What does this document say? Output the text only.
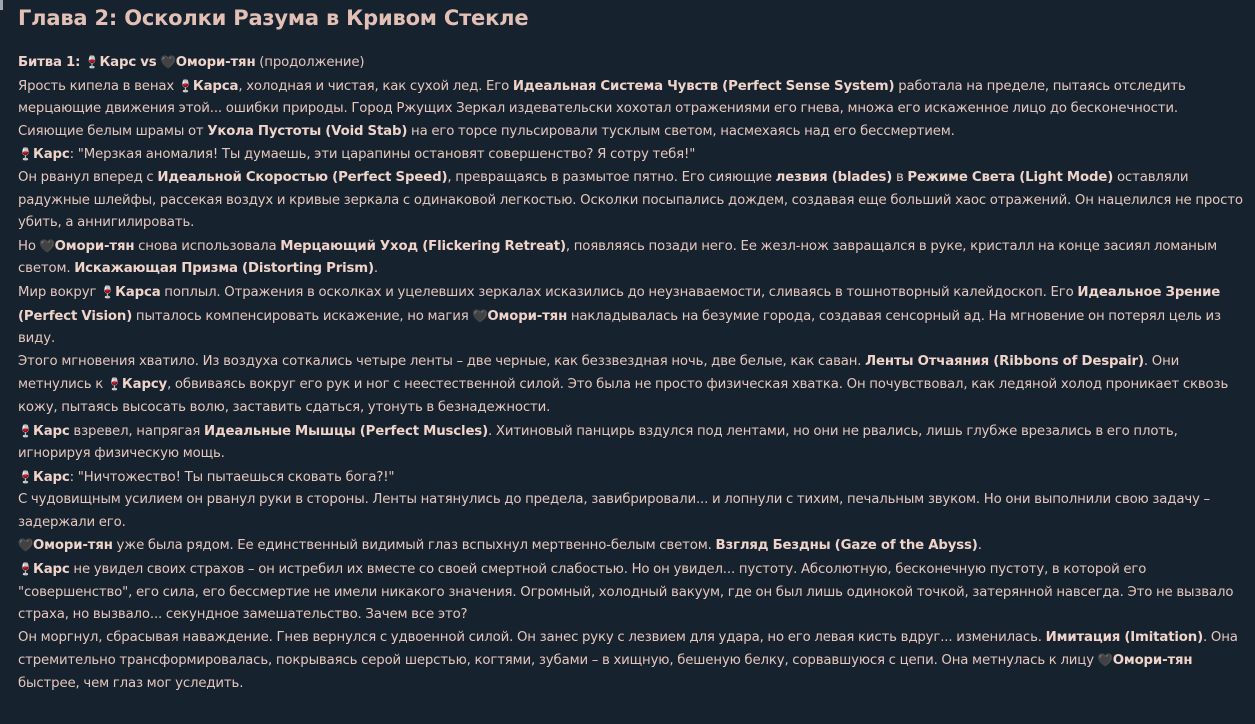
Глава 2: Осколки Разума в Кривом Стекле

Битва 1: 🍷Карс vs 🖤Омори-тян (продолжение)

Ярость кипела в венах 🍷Карса, холодная и чистая, как сухой лед. Его Идеальная Система Чувств (Perfect Sense System) работала на пределе, пытаясь отследить мерцающие движения этой... ошибки природы. Город Ржущих Зеркал издевательски хохотал отражениями его гнева, множа его искаженное лицо до бесконечности. Сияющие белым шрамы от Укола Пустоты (Void Stab) на его торсе пульсировали тусклым светом, насмехаясь над его бессмертием.

🍷Карс: "Мерзкая аномалия! Ты думаешь, эти царапины остановят совершенство? Я сотру тебя!"

Он рванул вперед с Идеальной Скоростью (Perfect Speed), превращаясь в размытое пятно. Его сияющие лезвия (blades) в Режиме Света (Light Mode) оставляли радужные шлейфы, рассекая воздух и кривые зеркала с одинаковой легкостью. Осколки посыпались дождем, создавая еще больший хаос отражений. Он нацелился не просто убить, а аннигилировать.

Но 🖤Омори-тян снова использовала Мерцающий Уход (Flickering Retreat), появляясь позади него. Ее жезл-нож завращался в руке, кристалл на конце засиял ломаным светом. Искажающая Призма (Distorting Prism).

Мир вокруг 🍷Карса поплыл. Отражения в осколках и уцелевших зеркалах исказились до неузнаваемости, сливаясь в тошнотворный калейдоскоп. Его Идеальное Зрение (Perfect Vision) пыталось компенсировать искажение, но магия 🖤Омори-тян накладывалась на безумие города, создавая сенсорный ад. На мгновение он потерял цель из виду.

Этого мгновения хватило. Из воздуха соткались четыре ленты – две черные, как беззвездная ночь, две белые, как саван. Ленты Отчаяния (Ribbons of Despair). Они метнулись к 🍷Карсу, обвиваясь вокруг его рук и ног с неестественной силой. Это была не просто физическая хватка. Он почувствовал, как ледяной холод проникает сквозь кожу, пытаясь высосать волю, заставить сдаться, утонуть в безнадежности.

🍷Карс взревел, напрягая Идеальные Мышцы (Perfect Muscles). Хитиновый панцирь вздулся под лентами, но они не рвались, лишь глубже врезались в его плоть, игнорируя физическую мощь.

🍷Карс: "Ничтожество! Ты пытаешься сковать бога?!"

С чудовищным усилием он рванул руки в стороны. Ленты натянулись до предела, завибрировали... и лопнули с тихим, печальным звуком. Но они выполнили свою задачу – задержали его.

🖤Омори-тян уже была рядом. Ее единственный видимый глаз вспыхнул мертвенно-белым светом. Взгляд Бездны (Gaze of the Abyss).

🍷Карс не увидел своих страхов – он истребил их вместе со своей смертной слабостью. Но он увидел... пустоту. Абсолютную, бесконечную пустоту, в которой его "совершенство", его сила, его бессмертие не имели никакого значения. Огромный, холодный вакуум, где он был лишь одинокой точкой, затерянной навсегда. Это не вызвало страха, но вызвало... секундное замешательство. Зачем все это?

Он моргнул, сбрасывая наваждение. Гнев вернулся с удвоенной силой. Он занес руку с лезвием для удара, но его левая кисть вдруг... изменилась. Имитация (Imitation). Она стремительно трансформировалась, покрываясь серой шерстью, когтями, зубами – в хищную, бешеную белку, сорвавшуюся с цепи. Она метнулась к лицу 🖤Омори-тян быстрее, чем глаз мог уследить.
